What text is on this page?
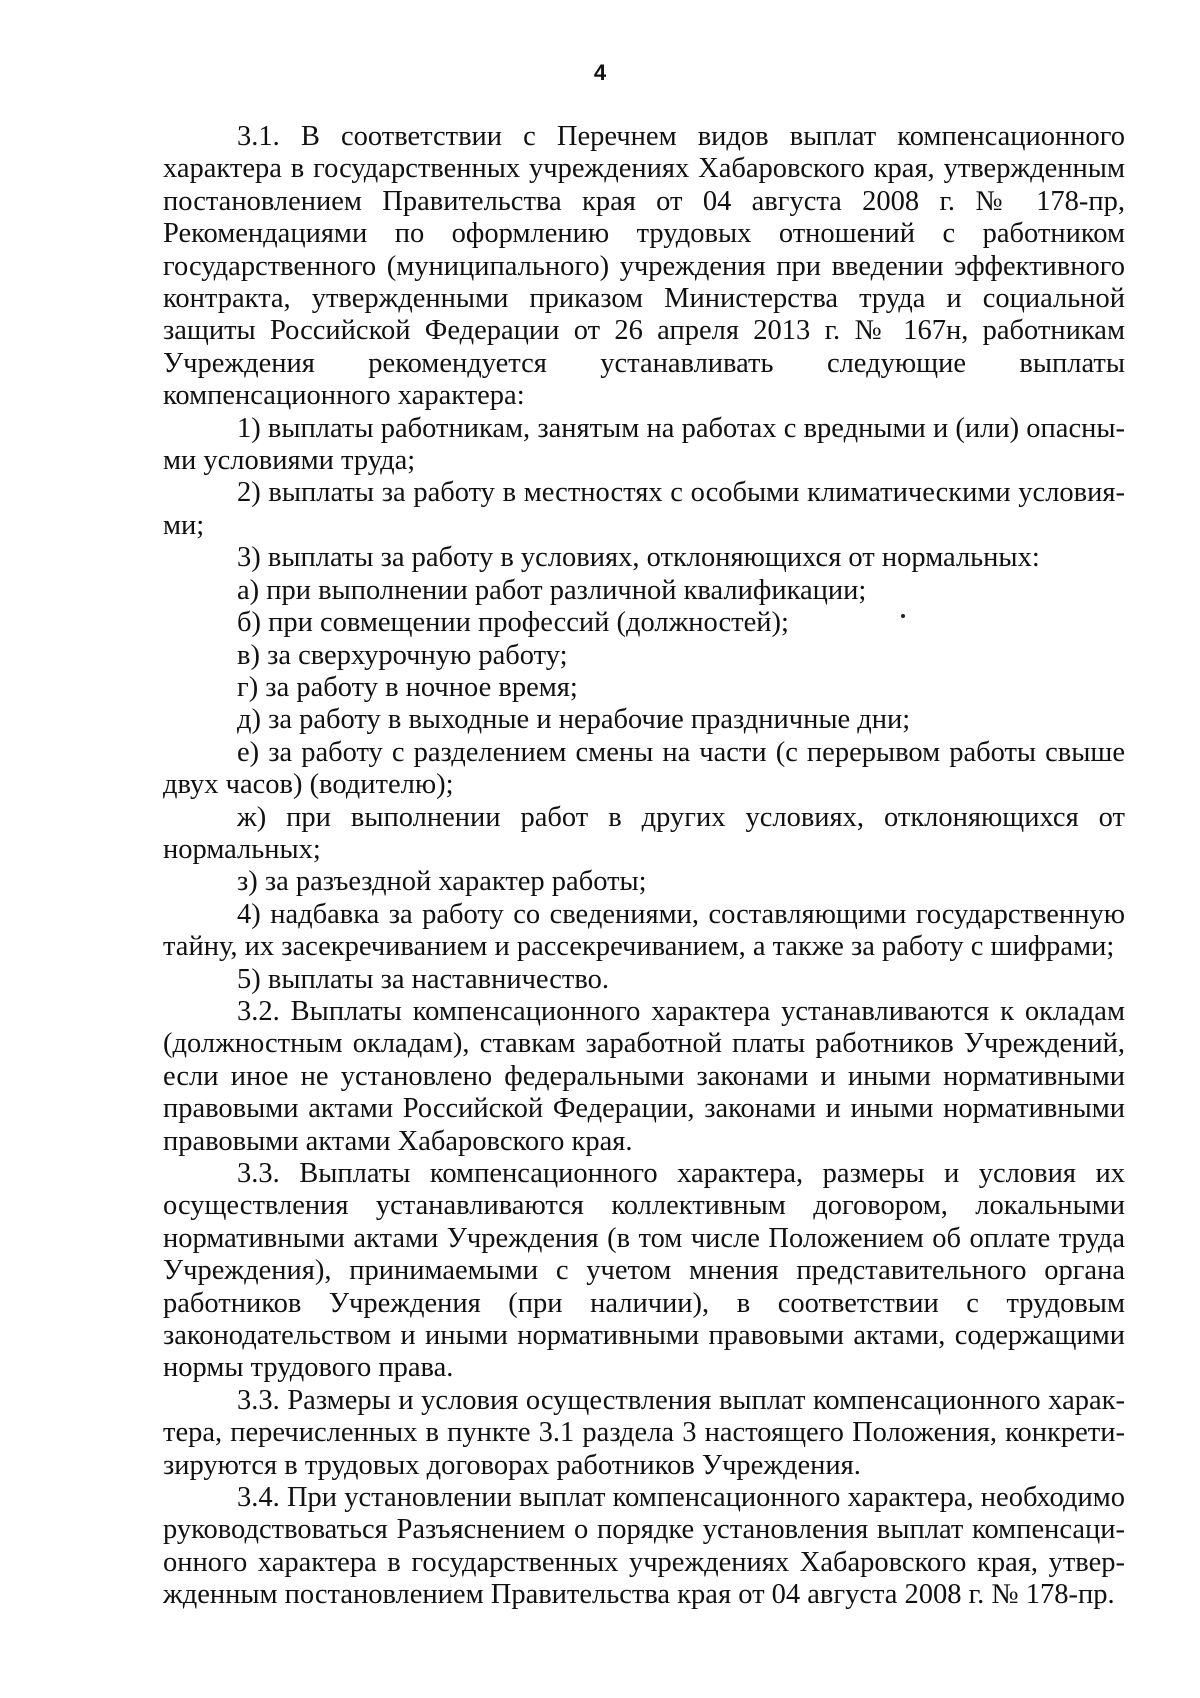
4

3.1. В соответствии с Перечнем видов выплат компенсационного характера в государственных учреждениях Хабаровского края, утвержденным постановлением Правительства края от 04 августа 2008 г. № 178-пр, Рекомендациями по оформлению трудовых отношений с работником государственного (муниципального) учреждения при введении эффективного контракта, утвержденными приказом Министерства труда и социальной защиты Российской Федерации от 26 апреля 2013 г. № 167н, работникам Учреждения рекомендуется устанавливать следующие выплаты компенсационного характера:

1) выплаты работникам, занятым на работах с вредными и (или) опасными условиями труда;

2) выплаты за работу в местностях с особыми климатическими условиями;

3) выплаты за работу в условиях, отклоняющихся от нормальных:

а) при выполнении работ различной квалификации;

б) при совмещении профессий (должностей);

в) за сверхурочную работу;

г) за работу в ночное время;

д) за работу в выходные и нерабочие праздничные дни;

е) за работу с разделением смены на части (с перерывом работы свыше двух часов) (водителю);

ж) при выполнении работ в других условиях, отклоняющихся от нормальных;

з) за разъездной характер работы;

4) надбавка за работу со сведениями, составляющими государственную тайну, их засекречиванием и рассекречиванием, а также за работу с шифрами;

5) выплаты за наставничество.

3.2. Выплаты компенсационного характера устанавливаются к окладам (должностным окладам), ставкам заработной платы работников Учреждений, если иное не установлено федеральными законами и иными нормативными правовыми актами Российской Федерации, законами и иными нормативными правовыми актами Хабаровского края.

3.3. Выплаты компенсационного характера, размеры и условия их осуществления устанавливаются коллективным договором, локальными нормативными актами Учреждения (в том числе Положением об оплате труда Учреждения), принимаемыми с учетом мнения представительного органа работников Учреждения (при наличии), в соответствии с трудовым законодательством и иными нормативными правовыми актами, содержащими нормы трудового права.

3.3. Размеры и условия осуществления выплат компенсационного характера, перечисленных в пункте 3.1 раздела 3 настоящего Положения, конкретизируются в трудовых договорах работников Учреждения.

3.4. При установлении выплат компенсационного характера, необходимо руководствоваться Разъяснением о порядке установления выплат компенсационного характера в государственных учреждениях Хабаровского края, утвержденным постановлением Правительства края от 04 августа 2008 г. № 178-пр.
